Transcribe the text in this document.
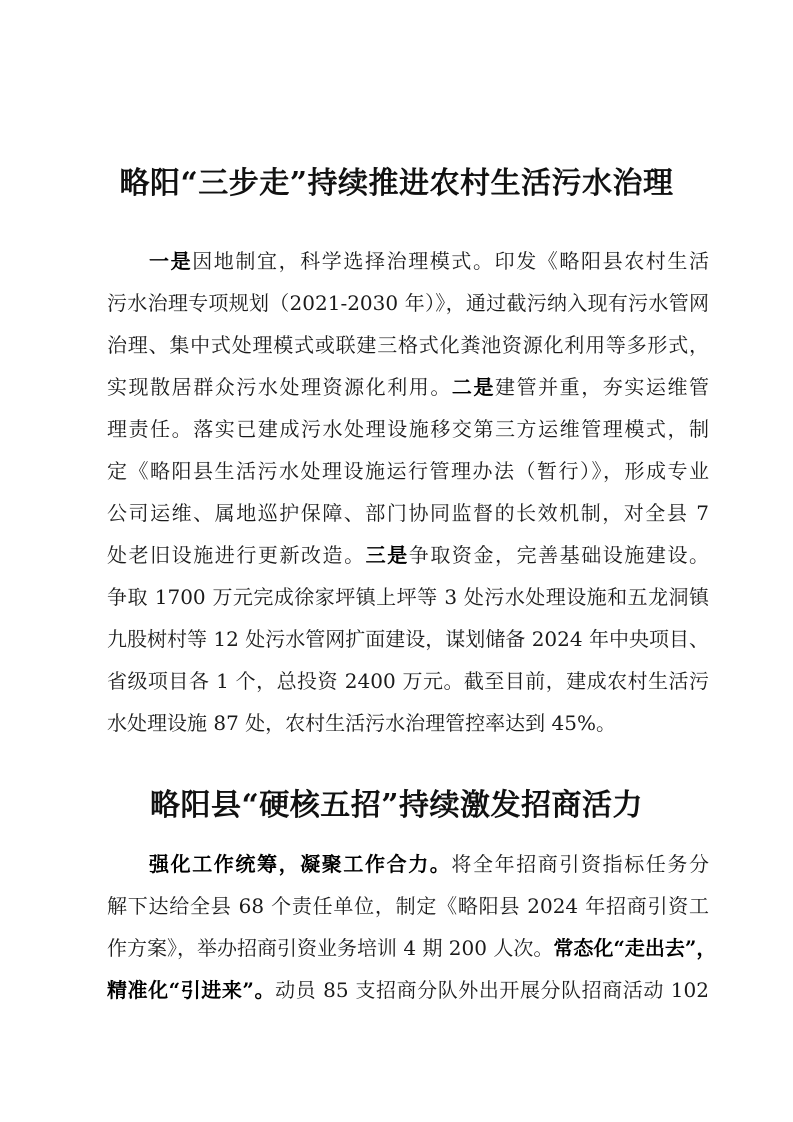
略阳“三步走”持续推进农村生活污水治理
一是因地制宜，科学选择治理模式。印发《略阳县农村生活
污水治理专项规划（2021-2030 年）》，通过截污纳入现有污水管网
治理、集中式处理模式或联建三格式化粪池资源化利用等多形式，
实现散居群众污水处理资源化利用。二是建管并重，夯实运维管
理责任。落实已建成污水处理设施移交第三方运维管理模式，制
定《略阳县生活污水处理设施运行管理办法（暂行）》，形成专业
公司运维、属地巡护保障、部门协同监督的长效机制，对全县 7
处老旧设施进行更新改造。三是争取资金，完善基础设施建设。
争取 1700 万元完成徐家坪镇上坪等 3 处污水处理设施和五龙洞镇
九股树村等 12 处污水管网扩面建设，谋划储备 2024 年中央项目、
省级项目各 1 个，总投资 2400 万元。截至目前，建成农村生活污
水处理设施 87 处，农村生活污水治理管控率达到 45%。
略阳县“硬核五招”持续激发招商活力
强化工作统筹，凝聚工作合力。将全年招商引资指标任务分
解下达给全县 68 个责任单位，制定《略阳县 2024 年招商引资工
作方案》，举办招商引资业务培训 4 期 200 人次。常态化“走出去”，
精准化“引进来”。动员 85 支招商分队外出开展分队招商活动 102
